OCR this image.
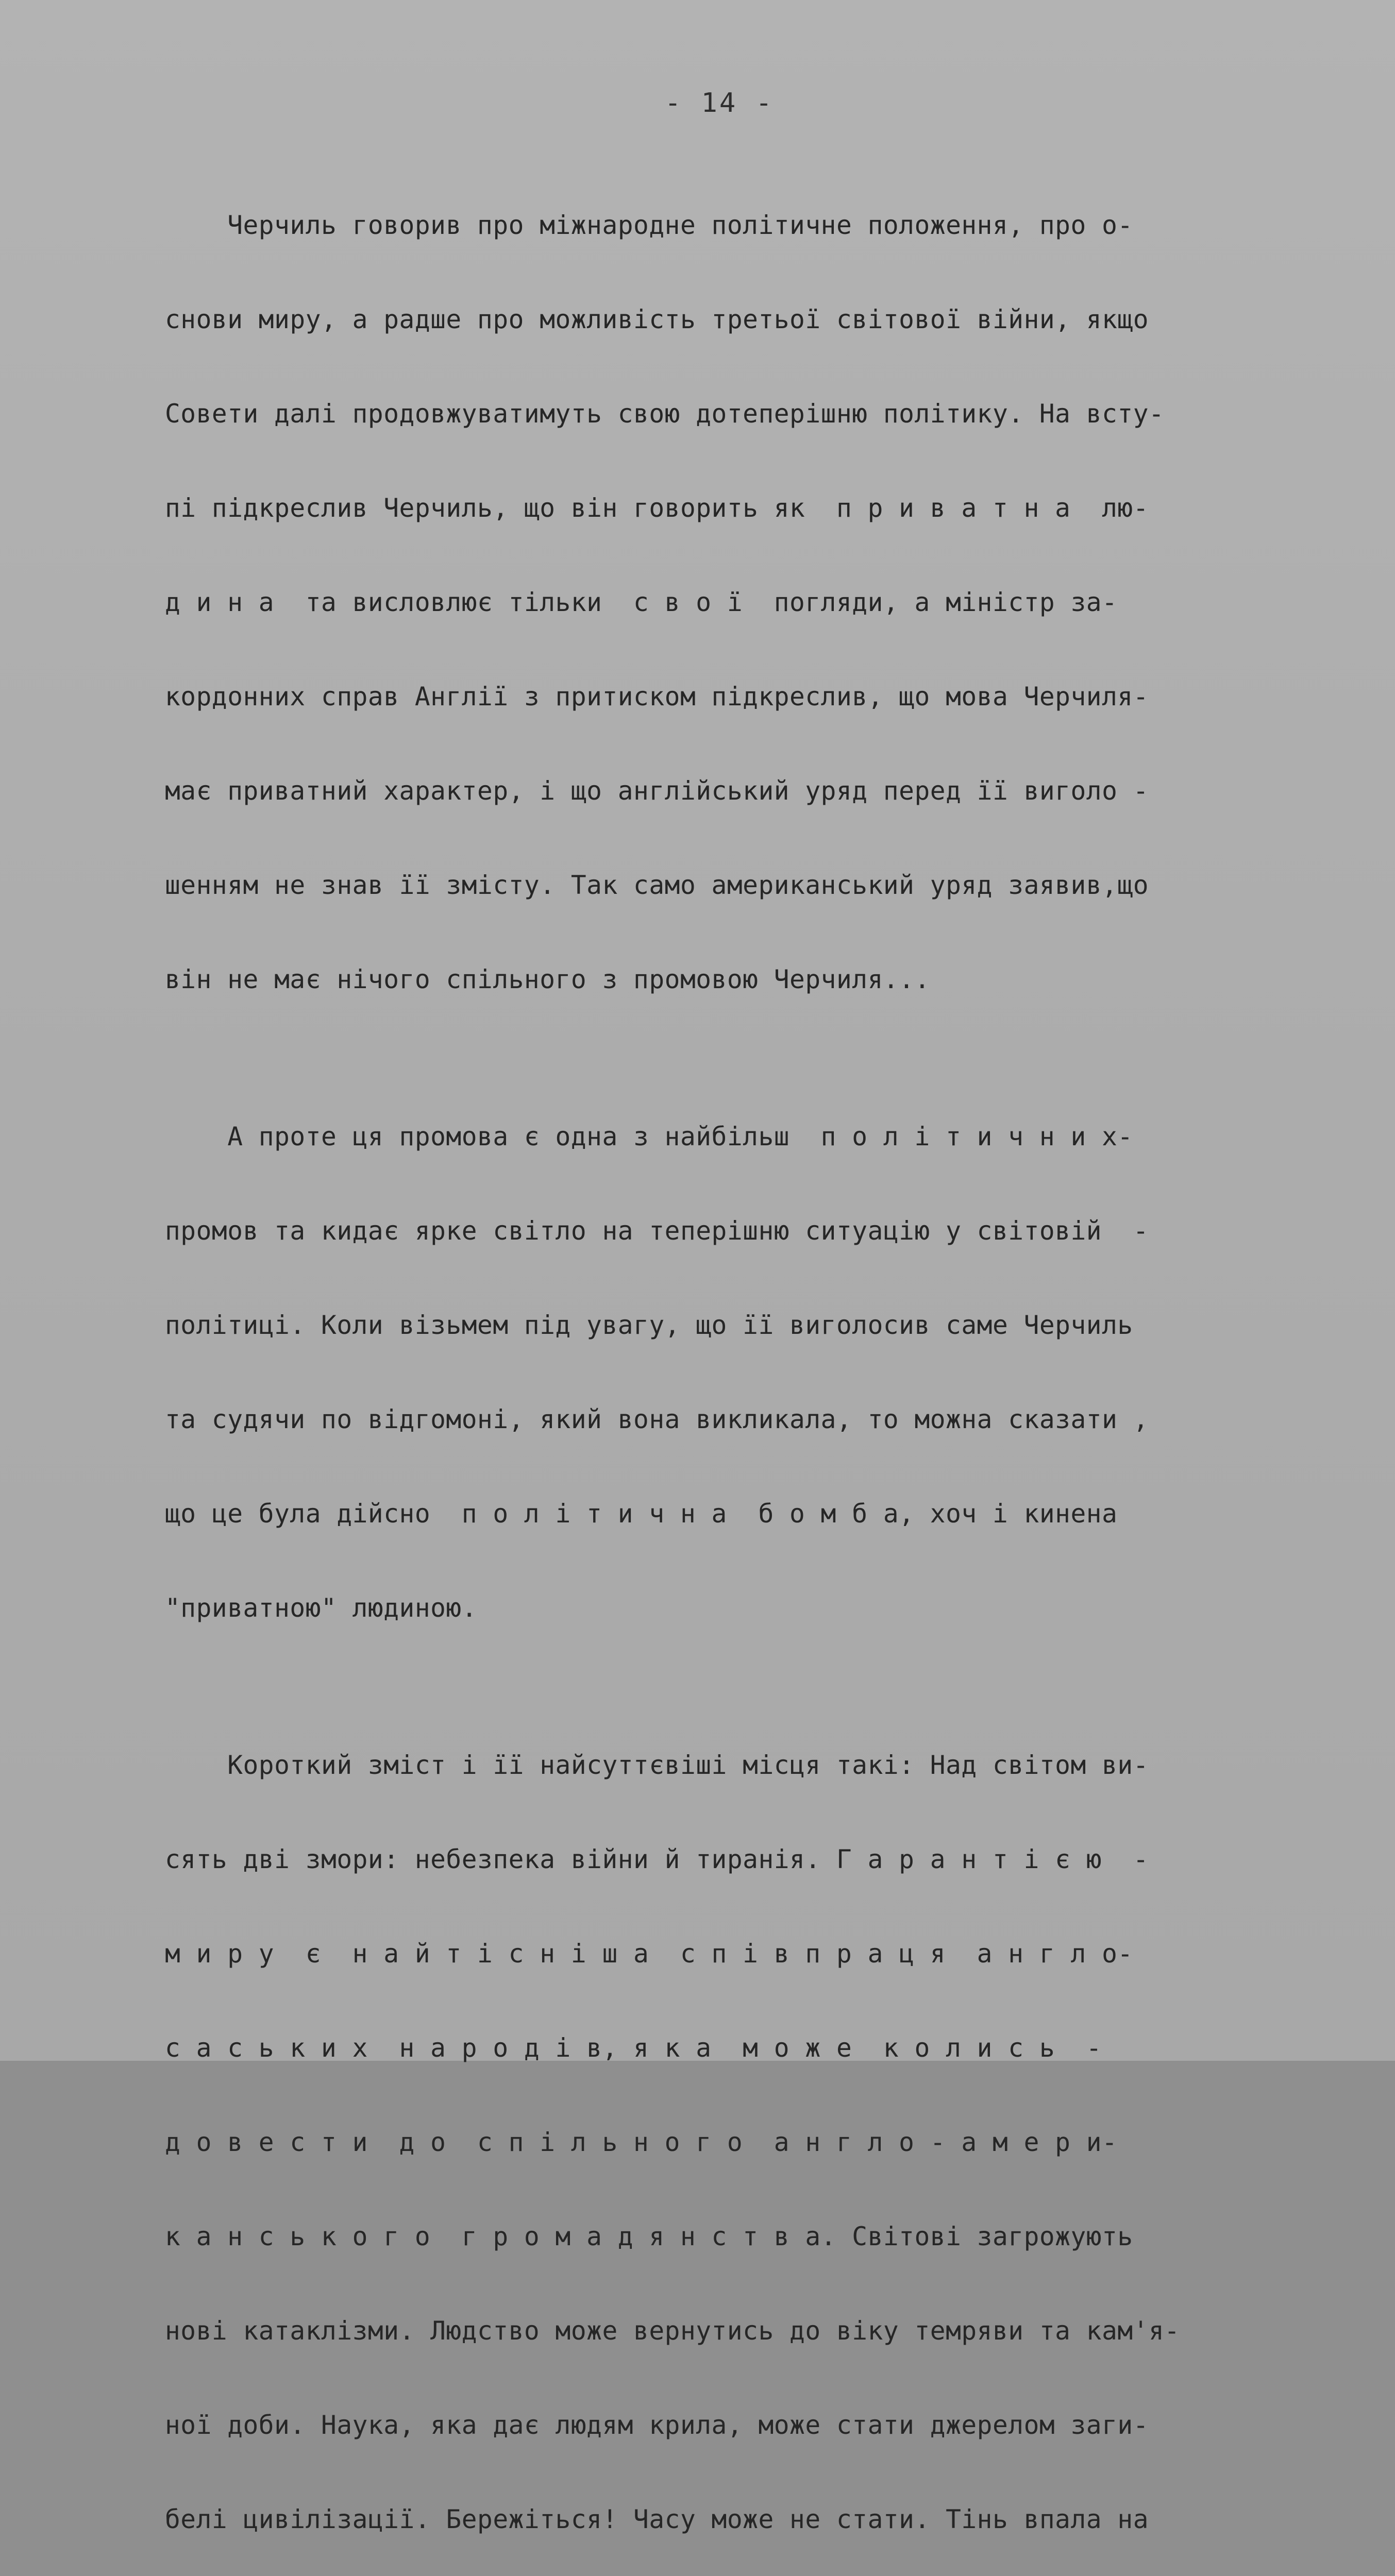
- 14 -

Черчиль говорив про міжнародне політичне положення, про о-

снови миру, а радше про можливість третьої світової війни, якщо

Совети далі продовжуватимуть свою дотеперішню політику. На всту-

пі підкреслив Черчиль, що він говорить як  п р и в а т н а  лю-

д и н а  та висловлює тільки  с в о ї  погляди, а міністр за-

кордонних справ Англії з притиском підкреслив, що мова Черчиля-

має приватний характер, і що англійський уряд перед її виголо -

шенням не знав її змісту. Так само американський уряд заявив,що

він не має нічого спільного з промовою Черчиля...

А проте ця промова є одна з найбільш  п о л і т и ч н и х-

промов та кидає ярке світло на теперішню ситуацію у світовій  -

політиці. Коли візьмем під увагу, що її виголосив саме Черчиль

та судячи по відгомоні, який вона викликала, то можна сказати ,

що це була дійсно  п о л і т и ч н а  б о м б а, хоч і кинена

"приватною" людиною.

Короткий зміст і її найсуттєвіші місця такі: Над світом ви-

сять дві змори: небезпека війни й тиранія. Г а р а н т і є ю  -

м и р у  є  н а й т і с н і ш а  с п і в п р а ц я  а н г л о-

с а с ь к и х  н а р о д і в, я к а  м о ж е  к о л и с ь  -

д о в е с т и  д о  с п і л ь н о г о  а н г л о - а м е р и-

к а н с ь к о г о  г р о м а д я н с т в а. Світові загрожують

нові катаклізми. Людство може вернутись до віку темряви та кам'я-

ної доби. Наука, яка дає людям крила, може стати джерелом заги-

белі цивілізації. Бережіться! Часу може не стати. Тінь впала на
